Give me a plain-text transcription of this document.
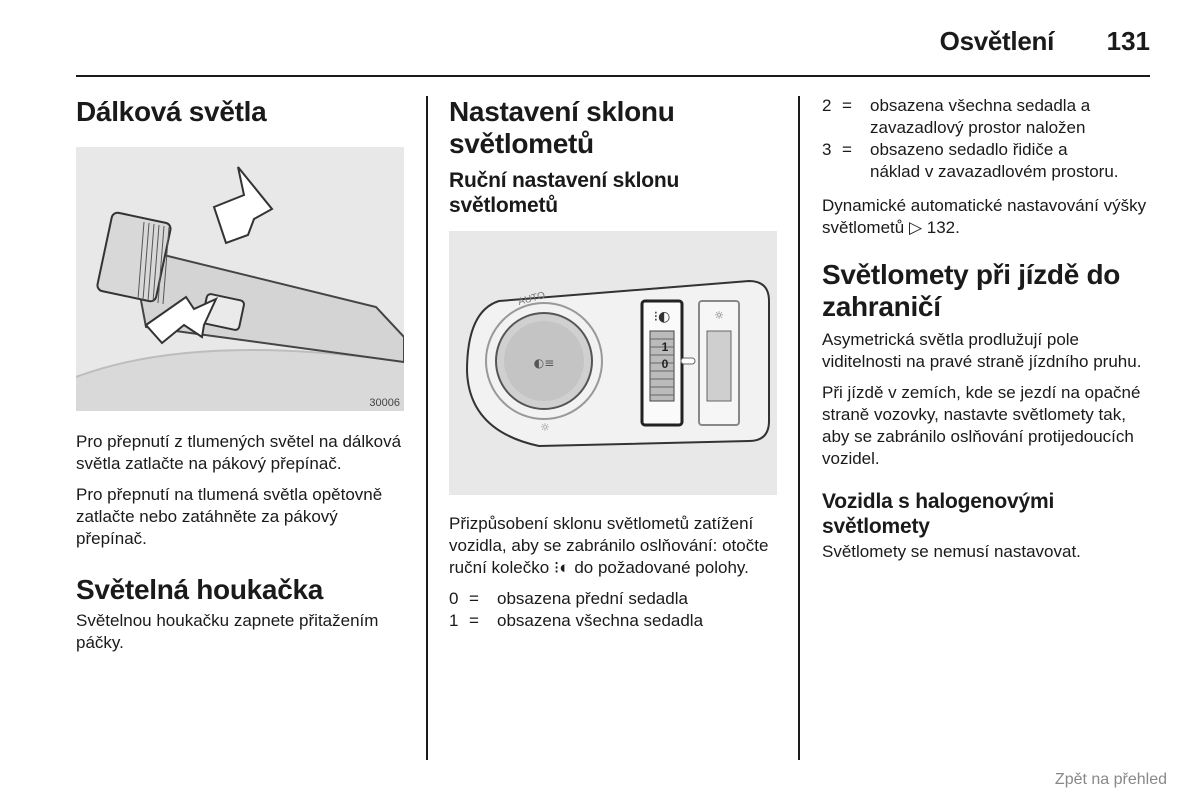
Osvětlení 131
Dálková světla
30006

Pro přepnutí z tlumených světel na dálková světla zatlačte na pákový přepínač.

Pro přepnutí na tlumená světla opětovně zatlačte nebo zatáhněte za pákový přepínač.

Světelná houkačka

Světelnou houkačku zapnete přitažením páčky.

Nastavení sklonu světlometů
Ruční nastavení sklonu světlometů
◐≡
AUTO
☼
1
0
⁝◐	☼

Přizpůsobení sklonu světlometů zatížení vozidla, aby se zabránilo oslňování: otočte ruční kolečko ⁝◐ do požadované polohy.

0 =	obsazena přední sedadla
1 =	obsazena všechna sedadla
2 =	obsazena všechna sedadla a zavazadlový prostor naložen
3 =	obsazeno sedadlo řidiče a náklad v zavazadlovém prostoru.

Dynamické automatické nastavování výšky světlometů ▷ 132.

Světlomety při jízdě do zahraničí

Asymetrická světla prodlužují pole viditelnosti na pravé straně jízdního pruhu.

Při jízdě v zemích, kde se jezdí na opačné straně vozovky, nastavte světlomety tak, aby se zabránilo oslňování protijedoucích vozidel.

Vozidla s halogenovými světlomety

Světlomety se nemusí nastavovat.

Zpět na přehled
